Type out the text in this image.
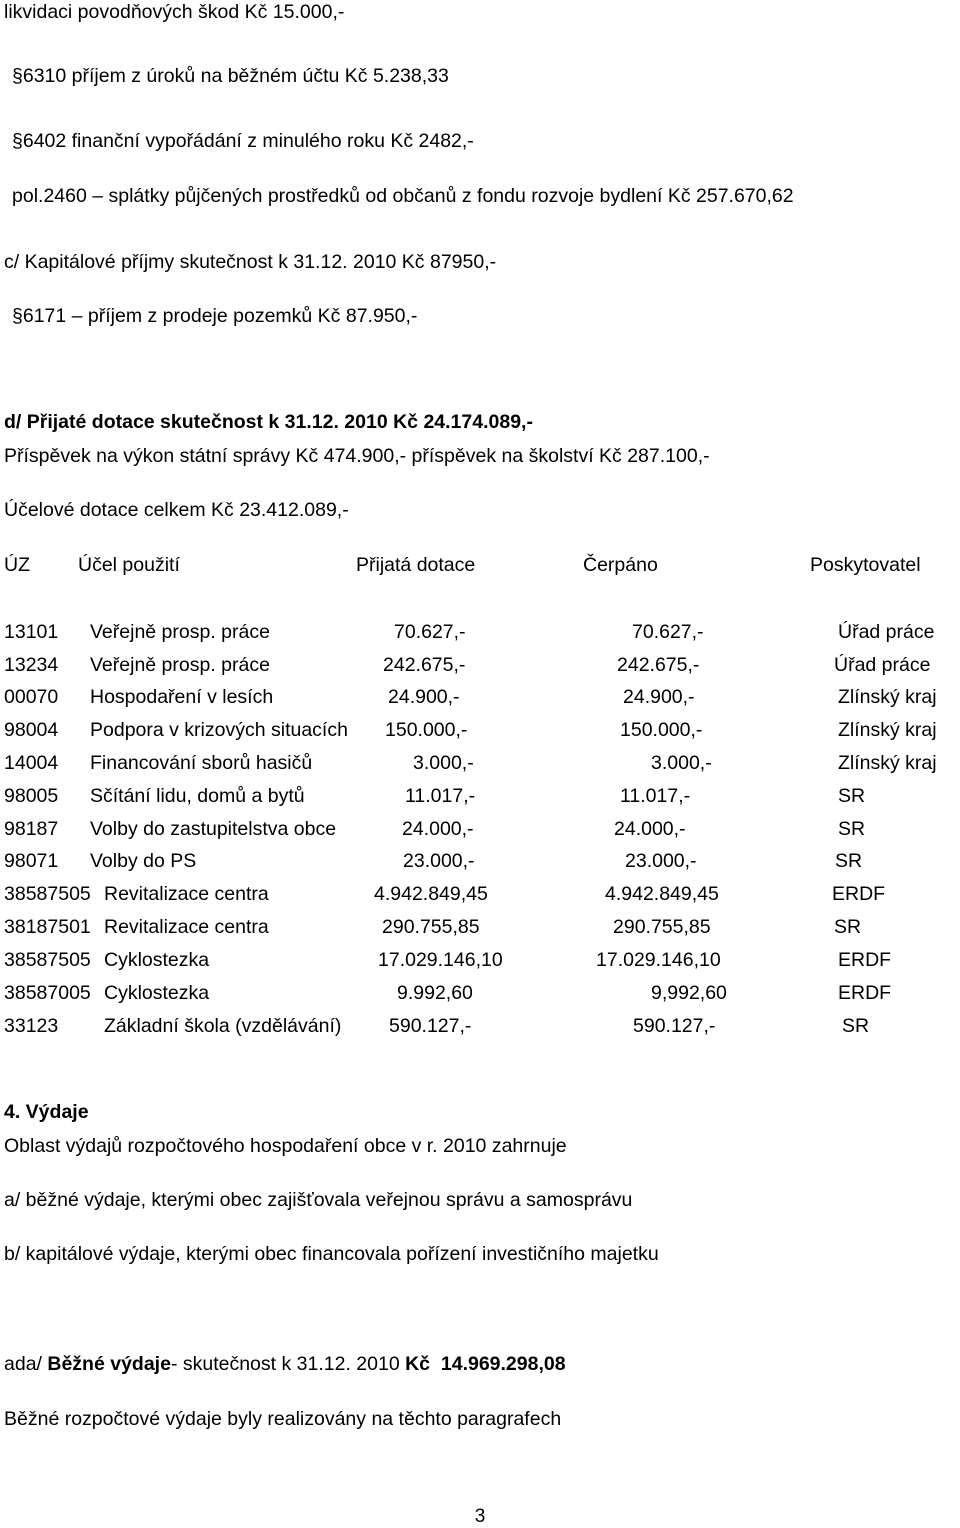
likvidaci povodňových škod Kč 15.000,-
§6310 příjem z úroků na běžném účtu Kč 5.238,33
§6402 finanční vypořádání z minulého roku Kč 2482,-
pol.2460 – splátky půjčených prostředků od občanů z fondu rozvoje bydlení Kč 257.670,62
c/ Kapitálové příjmy skutečnost k 31.12. 2010 Kč 87950,-
§6171 – příjem z prodeje pozemků Kč 87.950,-
d/ Přijaté dotace skutečnost k 31.12. 2010 Kč 24.174.089,-
Příspěvek na výkon státní správy Kč 474.900,- příspěvek na školství Kč 287.100,-
Účelové dotace celkem Kč 23.412.089,-
ÚZ Účel použití	Přijatá dotace	Čerpáno	Poskytovatel
13101 Veřejně prosp. práce	70.627,-	70.627,-	Úřad práce
13234 Veřejně prosp. práce	242.675,-	242.675,-	Úřad práce
00070 Hospodaření v lesích	24.900,-	24.900,-	Zlínský kraj
98004 Podpora v krizových situacích 150.000,-	150.000,-	Zlínský kraj
14004 Financování sborů hasičů	3.000,-	3.000,-	Zlínský kraj
98005 Sčítání lidu, domů a bytů	11.017,-	11.017,-	SR
98187 Volby do zastupitelstva obce	24.000,-	24.000,-	SR
98071 Volby do PS	23.000,-	23.000,-	SR
38587505 Revitalizace centra	4.942.849,45	4.942.849,45	ERDF
38187501 Revitalizace centra	290.755,85	290.755,85	SR
38587505 Cyklostezka	17.029.146,10	17.029.146,10	ERDF
38587005 Cyklostezka	9.992,60	9,992,60	ERDF
33123 Základní škola (vzdělávání) 590.127,-	590.127,-	SR
4. Výdaje
Oblast výdajů rozpočtového hospodaření obce v r. 2010 zahrnuje
a/ běžné výdaje, kterými obec zajišťovala veřejnou správu a samosprávu
b/ kapitálové výdaje, kterými obec financovala pořízení investičního majetku
ada/ Běžné výdaje- skutečnost k 31.12. 2010 Kč 14.969.298,08
Běžné rozpočtové výdaje byly realizovány na těchto paragrafech
3
